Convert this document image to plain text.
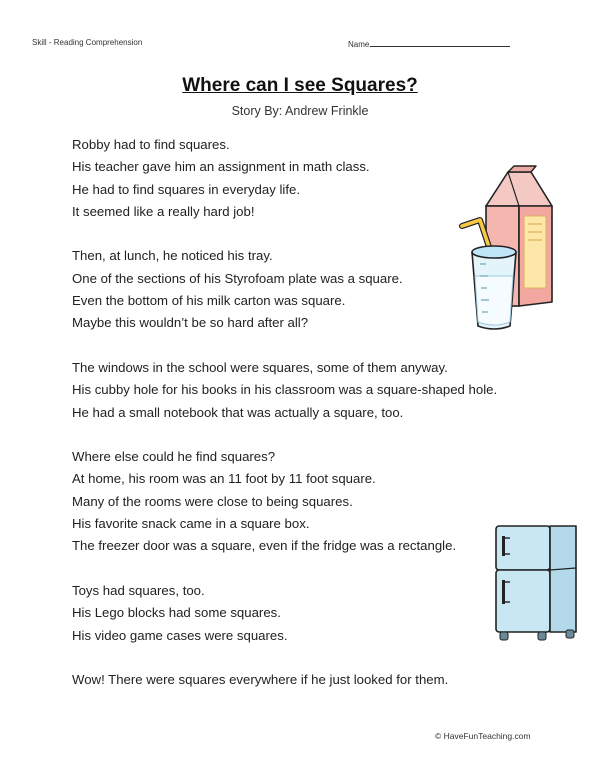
Skill - Reading Comprehension	Name
Where can I see Squares?
Story By: Andrew Frinkle
Robby had to find squares.
His teacher gave him an assignment in math class.
He had to find squares in everyday life.
It seemed like a really hard job!
Then, at lunch, he noticed his tray.
One of the sections of his Styrofoam plate was a square.
Even the bottom of his milk carton was square.
Maybe this wouldn’t be so hard after all?
The windows in the school were squares, some of them anyway.
His cubby hole for his books in his classroom was a square-shaped hole.
He had a small notebook that was actually a square, too.
Where else could he find squares?
At home, his room was an 11 foot by 11 foot square.
Many of the rooms were close to being squares.
His favorite snack came in a square box.
The freezer door was a square, even if the fridge was a rectangle.
Toys had squares, too.
His Lego blocks had some squares.
His video game cases were squares.
Wow! There were squares everywhere if he just looked for them.
© HaveFunTeaching.com
